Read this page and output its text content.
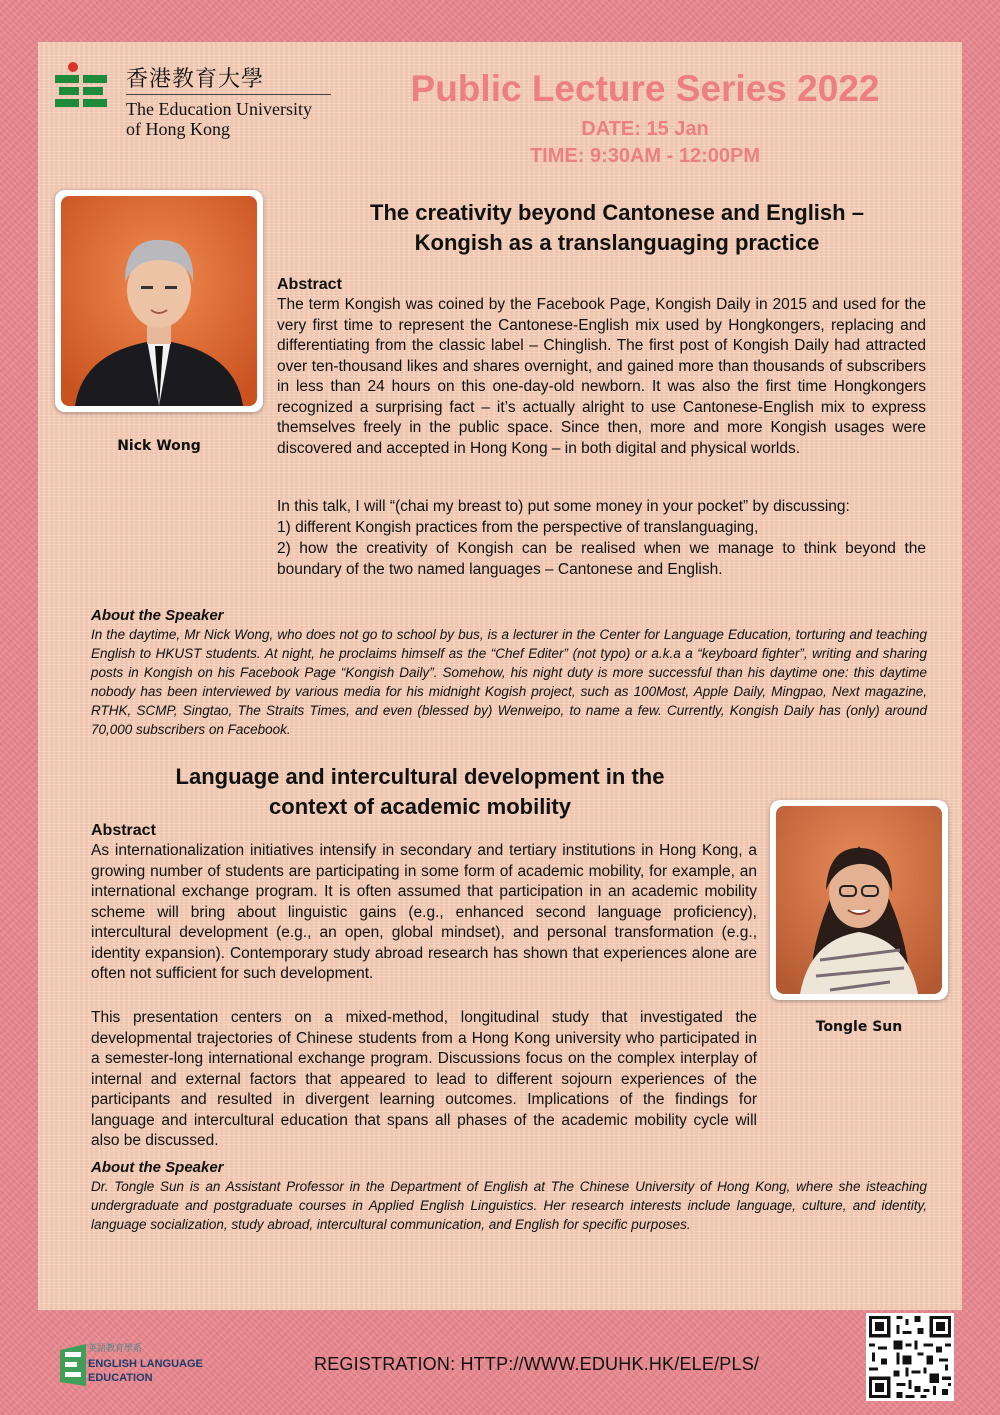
香港教育大學
The Education University
of Hong Kong
Public Lecture Series 2022
DATE: 15 Jan
TIME: 9:30AM - 12:00PM
Nick Wong
The creativity beyond Cantonese and English –
Kongish as a translanguaging practice
Abstract

The term Kongish was coined by the Facebook Page, Kongish Daily in 2015 and used for the very first time to represent the Cantonese-English mix used by Hongkongers, replacing and differentiating from the classic label – Chinglish. The first post of Kongish Daily had attracted over ten-thousand likes and shares overnight, and gained more than thousands of subscribers in less than 24 hours on this one-day-old newborn. It was also the first time Hongkongers recognized a surprising fact – it’s actually alright to use Cantonese-English mix to express themselves freely in the public space. Since then, more and more Kongish usages were discovered and accepted in Hong Kong – in both digital and physical worlds.

In this talk, I will “(chai my breast to) put some money in your pocket” by discussing:

1) different Kongish practices from the perspective of translanguaging,

2) how the creativity of Kongish can be realised when we manage to think beyond the boundary of the two named languages – Cantonese and English.

About the Speaker

In the daytime, Mr Nick Wong, who does not go to school by bus, is a lecturer in the Center for Language Education, torturing and teaching English to HKUST students. At night, he proclaims himself as the “Chef Editer” (not typo) or a.k.a a “keyboard fighter”, writing and sharing posts in Kongish on his Facebook Page “Kongish Daily”. Somehow, his night duty is more successful than his daytime one: this daytime nobody has been interviewed by various media for his midnight Kogish project, such as 100Most, Apple Daily, Mingpao, Next magazine, RTHK, SCMP, Singtao, The Straits Times, and even (blessed by) Wenweipo, to name a few. Currently, Kongish Daily has (only) around 70,000 subscribers on Facebook.

Language and intercultural development in the
context of academic mobility
Abstract

As internationalization initiatives intensify in secondary and tertiary institutions in Hong Kong, a growing number of students are participating in some form of academic mobility, for example, an international exchange program. It is often assumed that participation in an academic mobility scheme will bring about linguistic gains (e.g., enhanced second language proficiency), intercultural development (e.g., an open, global mindset), and personal transformation (e.g., identity expansion). Contemporary study abroad research has shown that experiences alone are often not sufficient for such development.

This presentation centers on a mixed-method, longitudinal study that investigated the developmental trajectories of Chinese students from a Hong Kong university who participated in a semester-long international exchange program. Discussions focus on the complex interplay of internal and external factors that appeared to lead to different sojourn experiences of the participants and resulted in divergent learning outcomes. Implications of the findings for language and intercultural education that spans all phases of the academic mobility cycle will also be discussed.

Tongle Sun
About the Speaker

Dr. Tongle Sun is an Assistant Professor in the Department of English at The Chinese University of Hong Kong, where she isteaching undergraduate and postgraduate courses in Applied English Linguistics. Her research interests include language, culture, and identity, language socialization, study abroad, intercultural communication, and English for specific purposes.

英語教育學系
ENGLISH LANGUAGE
EDUCATION
REGISTRATION: HTTP://WWW.EDUHK.HK/ELE/PLS/
